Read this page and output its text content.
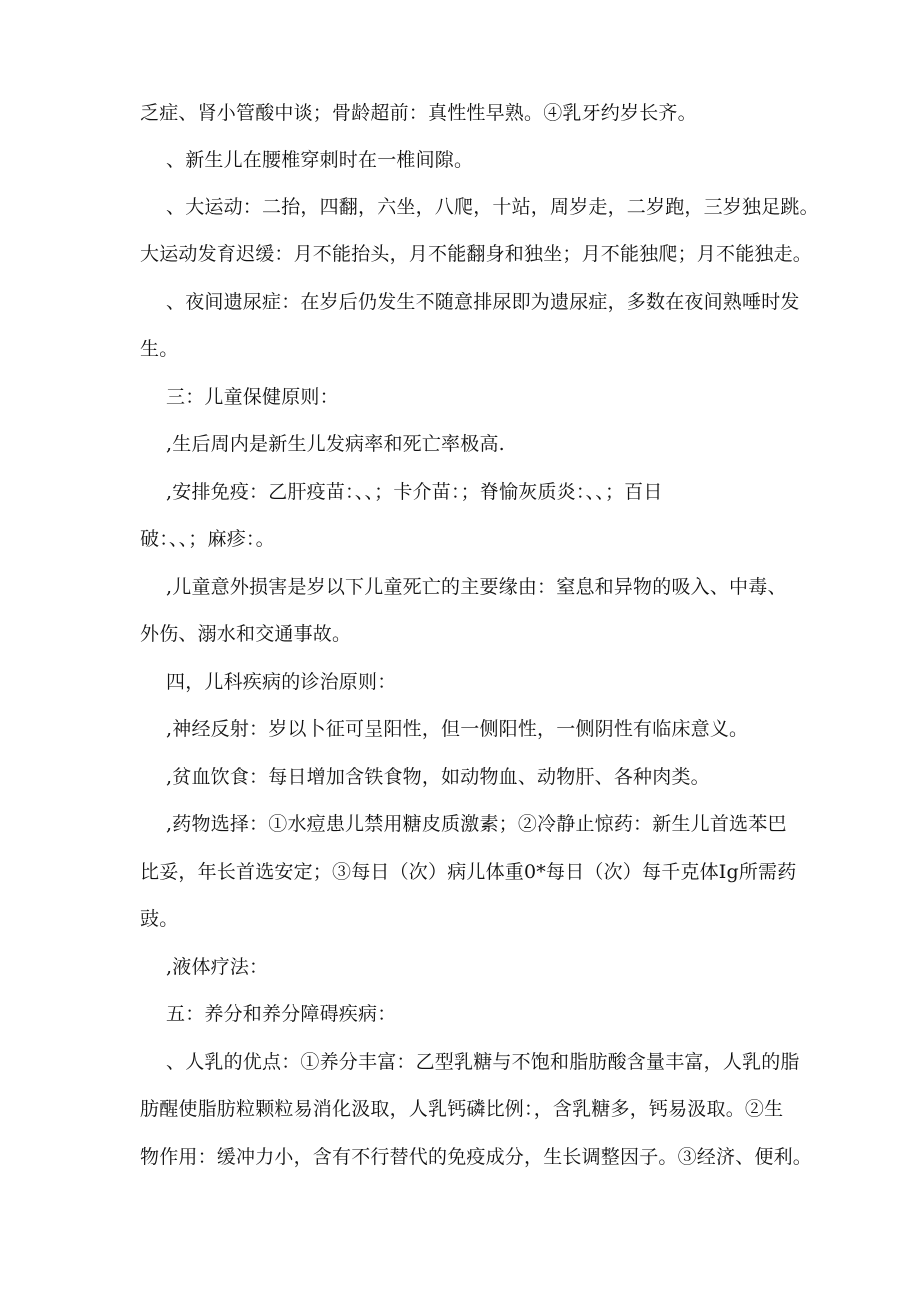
乏症、肾小管酸中谈；骨龄超前：真性性早熟。④乳牙约岁长齐。
、新生儿在腰椎穿刺时在一椎间隙。
、大运动：二抬，四翻，六坐，八爬，十站，周岁走，二岁跑，三岁独足跳。
大运动发育迟缓：月不能抬头，月不能翻身和独坐；月不能独爬；月不能独走。
、夜间遗尿症：在岁后仍发生不随意排尿即为遗尿症，多数在夜间熟唾时发
生。
三：儿童保健原则：
,生后周内是新生儿发病率和死亡率极高.
,安排免疫：乙肝疫苗：、、；卡介苗：；脊愉灰质炎：、、；百日
破：、、；麻疹：。
,儿童意外损害是岁以下儿童死亡的主要缘由：窒息和异物的吸入、中毒、
外伤、溺水和交通事故。
四，儿科疾病的诊治原则：
,神经反射：岁以卜征可呈阳性，但一侧阳性，一侧阴性有临床意义。
,贫血饮食：每日增加含铁食物，如动物血、动物肝、各种肉类。
,药物选择：①水痘患儿禁用糖皮质激素；②冷静止惊药：新生儿首选苯巴
比妥，年长首选安定；③每日（次）病儿体重0*每日（次）每千克体Ig所需药
豉。
,液体疗法：
五：养分和养分障碍疾病：
、人乳的优点：①养分丰富：乙型乳糖与不饱和脂肪酸含量丰富，人乳的脂
肪醒使脂肪粒颗粒易消化汲取，人乳钙磷比例：，含乳糖多，钙易汲取。②生
物作用：缓冲力小，含有不行替代的免疫成分，生长调整因子。③经济、便利。
